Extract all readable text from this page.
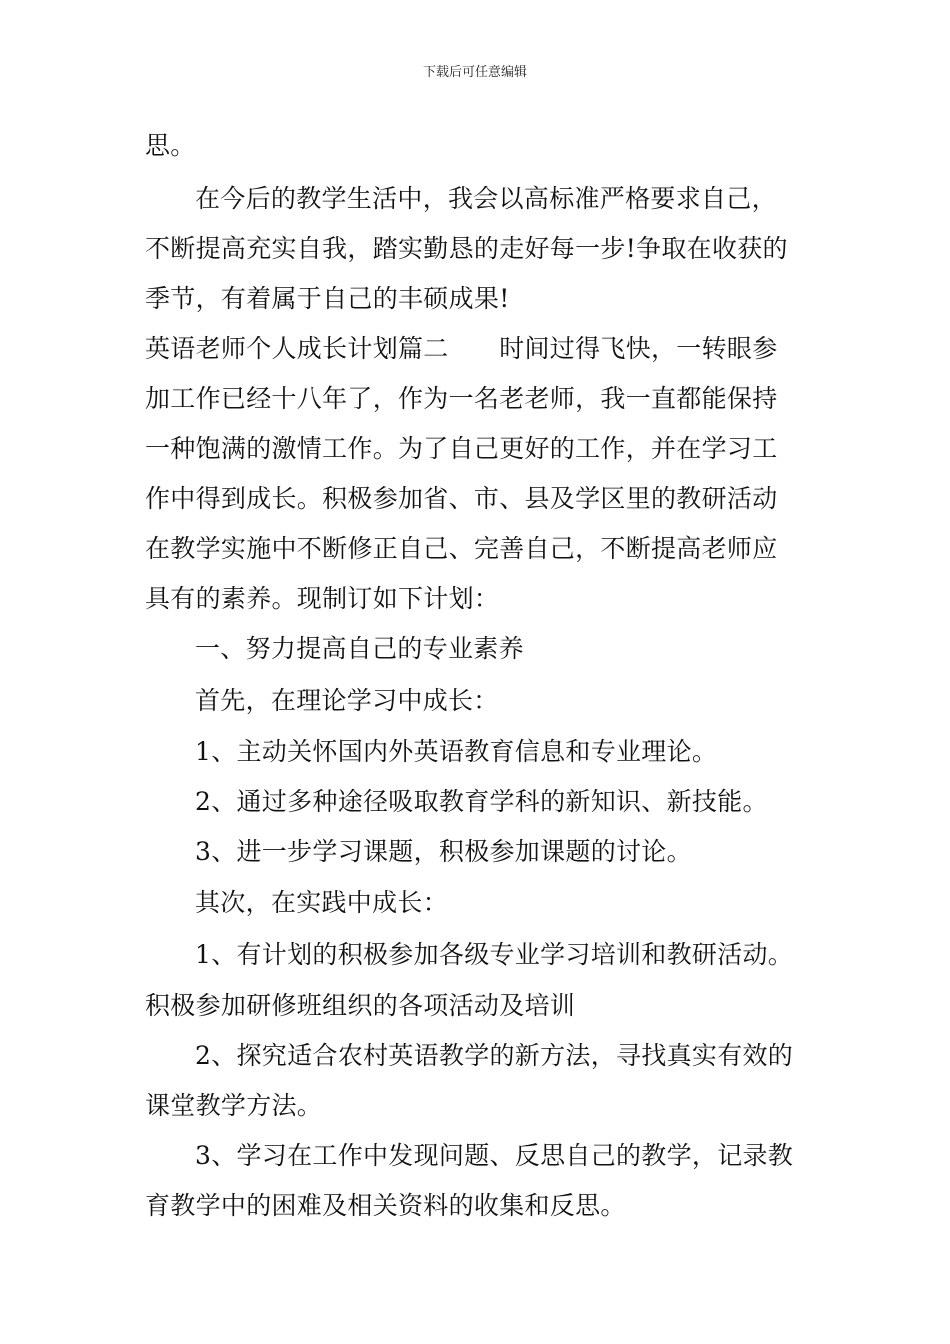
下载后可任意编辑
思。
在今后的教学生活中，我会以高标准严格要求自己，
不断提高充实自我，踏实勤恳的走好每一步!争取在收获的
季节，有着属于自己的丰硕成果!
英语老师个人成长计划篇二　　时间过得飞快，一转眼参
加工作已经十八年了，作为一名老老师，我一直都能保持
一种饱满的激情工作。为了自己更好的工作，并在学习工
作中得到成长。积极参加省、市、县及学区里的教研活动
在教学实施中不断修正自己、完善自己，不断提高老师应
具有的素养。现制订如下计划：
一、努力提高自己的专业素养
首先，在理论学习中成长：
1、主动关怀国内外英语教育信息和专业理论。
2、通过多种途径吸取教育学科的新知识、新技能。
3、进一步学习课题，积极参加课题的讨论。
其次，在实践中成长：
1、有计划的积极参加各级专业学习培训和教研活动。
积极参加研修班组织的各项活动及培训
2、探究适合农村英语教学的新方法，寻找真实有效的
课堂教学方法。
3、学习在工作中发现问题、反思自己的教学，记录教
育教学中的困难及相关资料的收集和反思。
